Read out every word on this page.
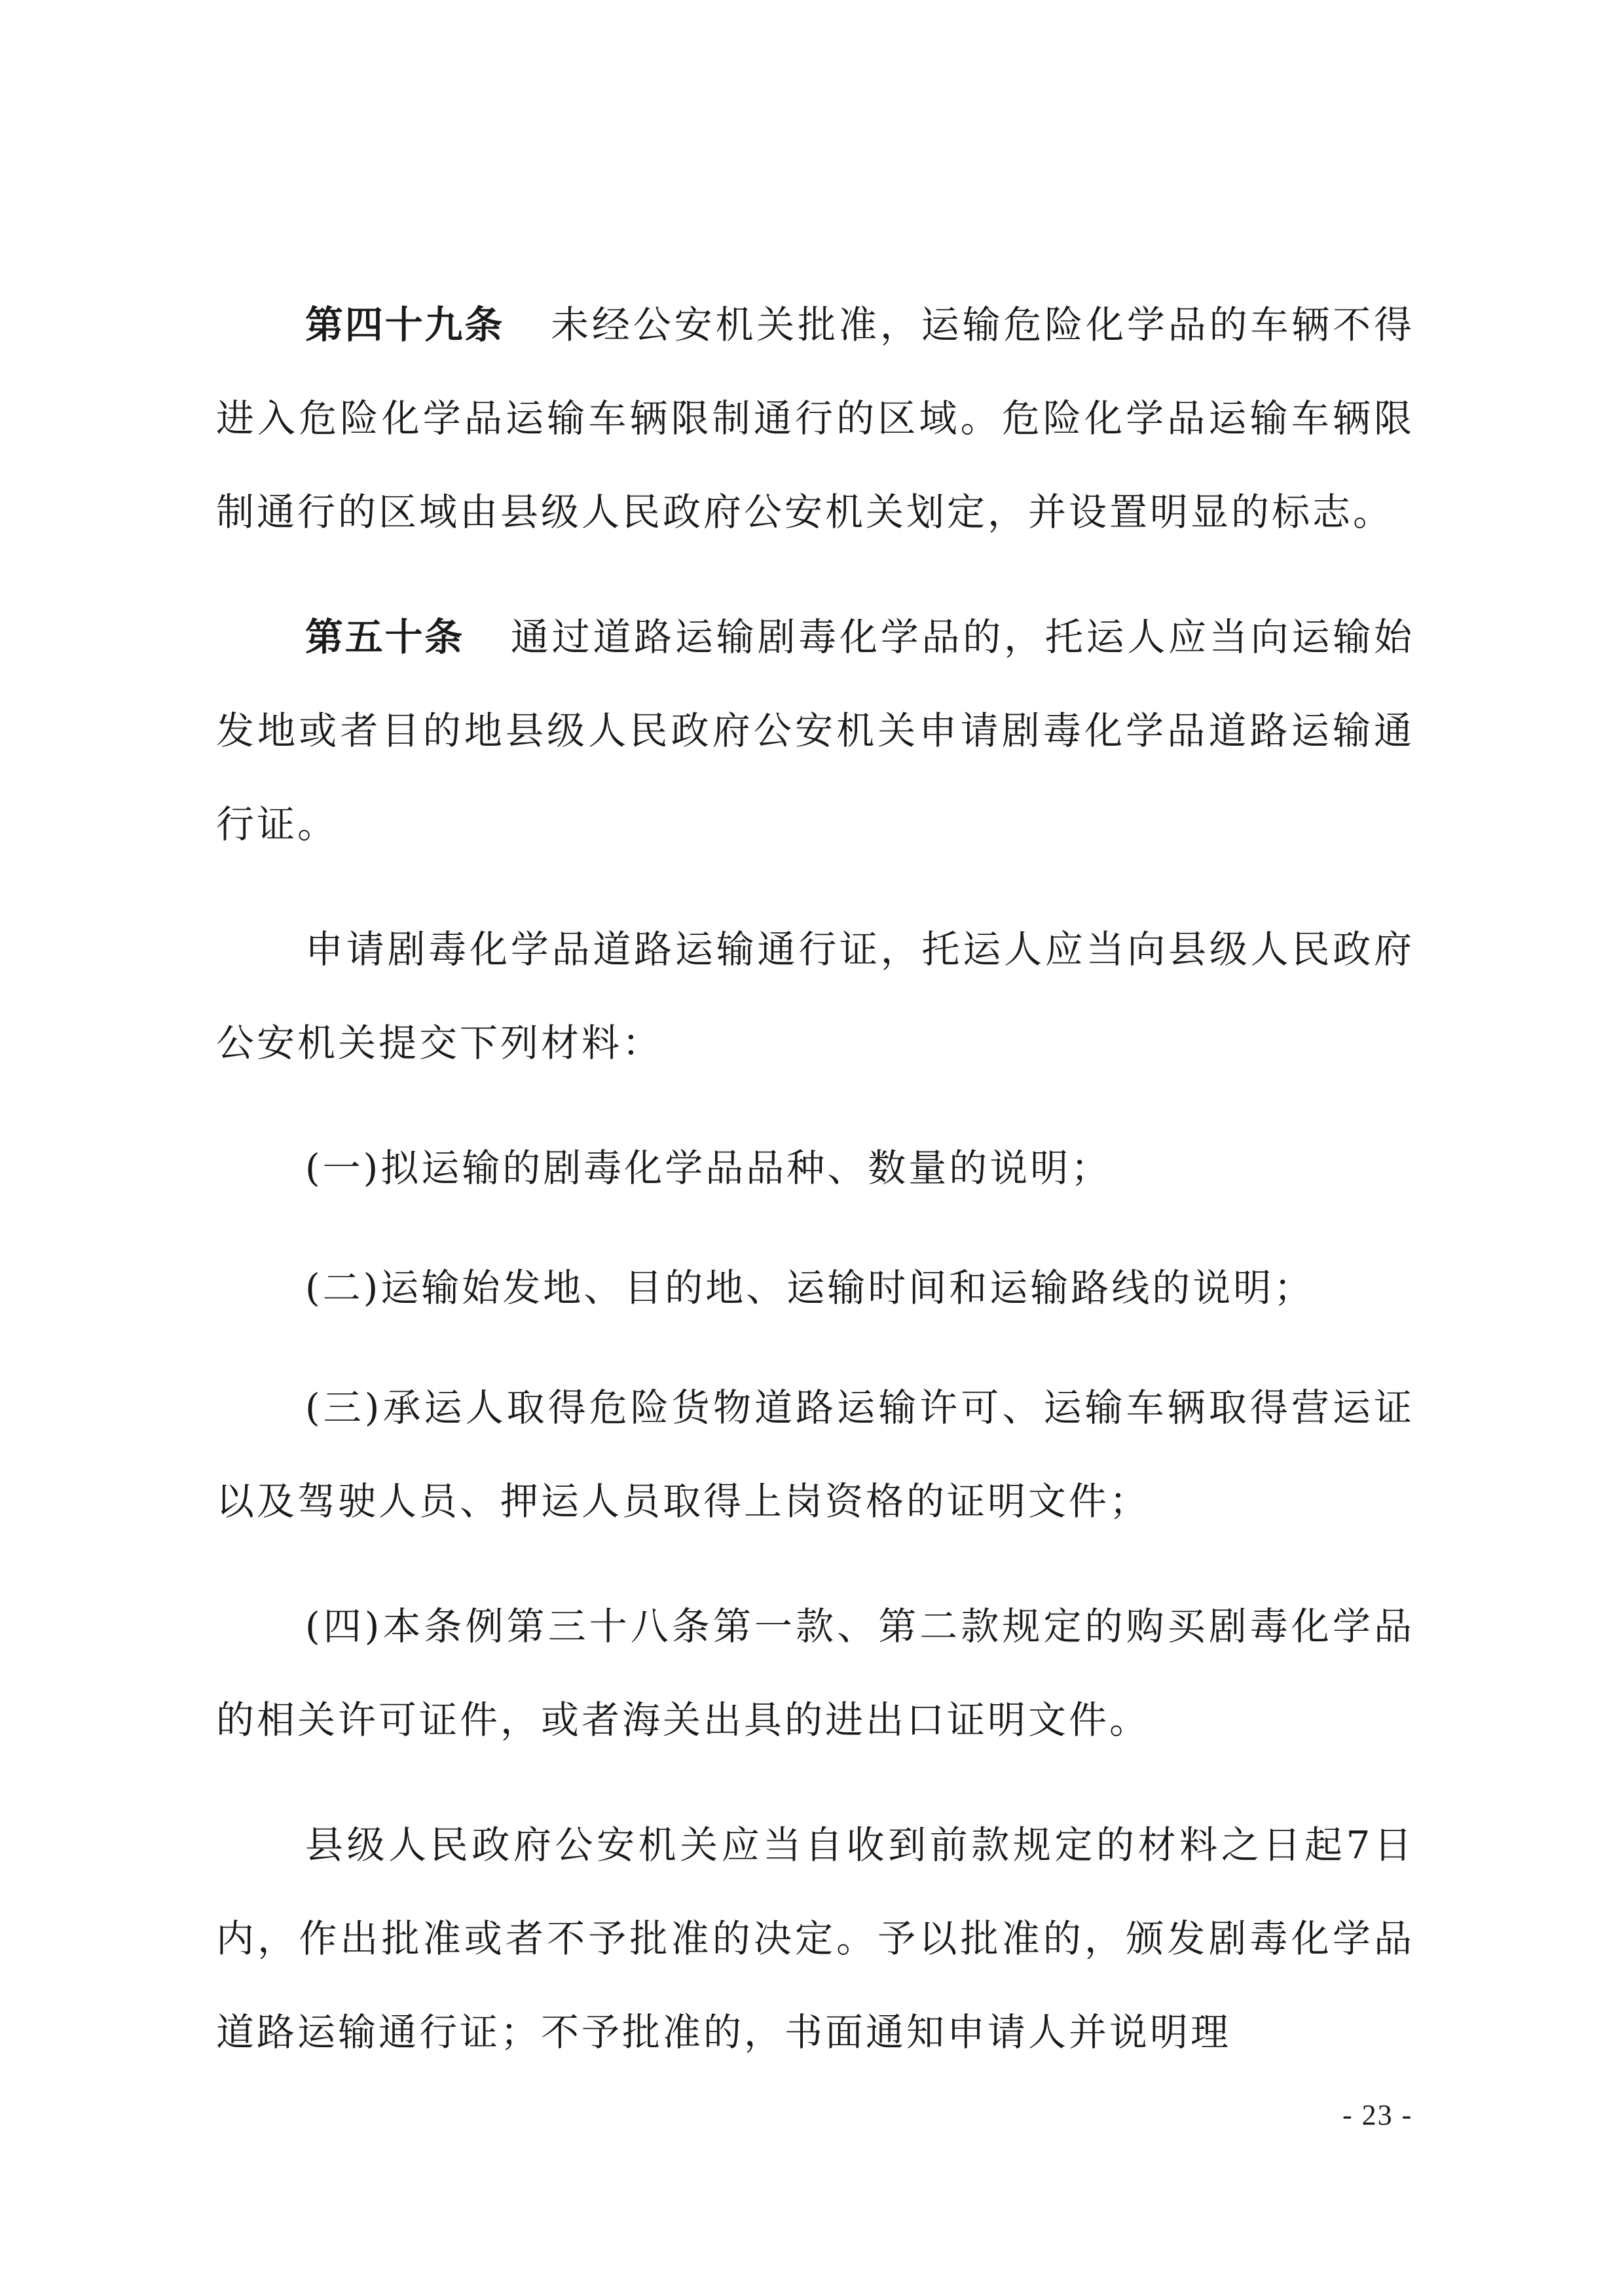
第四十九条 未经公安机关批准，运输危险化学品的车辆不得进入危险化学品运输车辆限制通行的区域。危险化学品运输车辆限制通行的区域由县级人民政府公安机关划定，并设置明显的标志。

第五十条 通过道路运输剧毒化学品的，托运人应当向运输始发地或者目的地县级人民政府公安机关申请剧毒化学品道路运输通行证。

申请剧毒化学品道路运输通行证，托运人应当向县级人民政府公安机关提交下列材料：

(一)拟运输的剧毒化学品品种、数量的说明；

(二)运输始发地、目的地、运输时间和运输路线的说明；

(三)承运人取得危险货物道路运输许可、运输车辆取得营运证以及驾驶人员、押运人员取得上岗资格的证明文件；

(四)本条例第三十八条第一款、第二款规定的购买剧毒化学品的相关许可证件，或者海关出具的进出口证明文件。

县级人民政府公安机关应当自收到前款规定的材料之日起7日内，作出批准或者不予批准的决定。予以批准的，颁发剧毒化学品道路运输通行证；不予批准的，书面通知申请人并说明理

- 23 -
